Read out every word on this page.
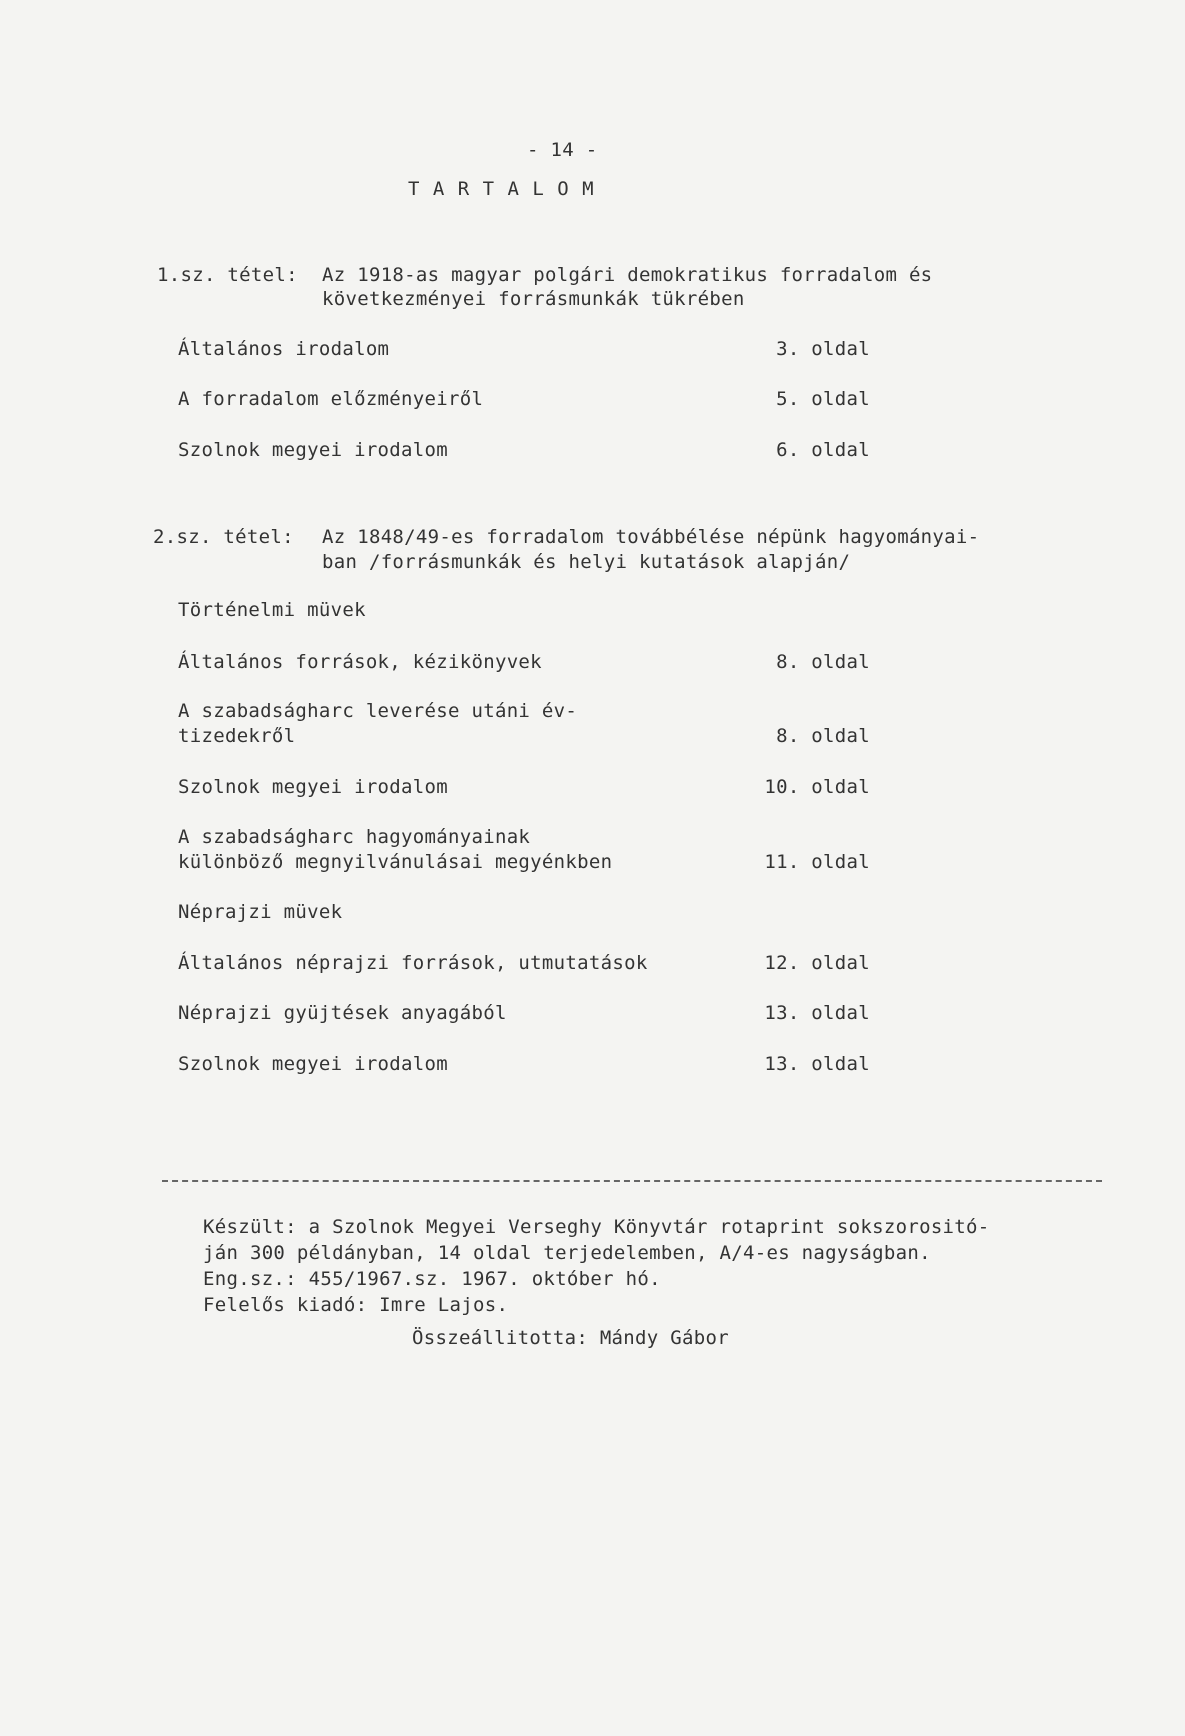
- 14 -
T A R T A L O M
1.sz. tétel: Az 1918-as magyar polgári demokratikus forradalom és
következményei forrásmunkák tükrében
Általános irodalom	3. oldal
A forradalom előzményeiről	5. oldal
Szolnok megyei irodalom	6. oldal
2.sz. tétel: Az 1848/49-es forradalom továbbélése népünk hagyományai-
ban /forrásmunkák és helyi kutatások alapján/
Történelmi müvek
Általános források, kézikönyvek	8. oldal
A szabadságharc leverése utáni év-
tizedekről	8. oldal
Szolnok megyei irodalom	10. oldal
A szabadságharc hagyományainak
különböző megnyilvánulásai megyénkben	11. oldal
Néprajzi müvek
Általános néprajzi források, utmutatások	12. oldal
Néprajzi gyüjtések anyagából	13. oldal
Szolnok megyei irodalom	13. oldal
Készült: a Szolnok Megyei Verseghy Könyvtár rotaprint sokszorositó-
ján 300 példányban, 14 oldal terjedelemben, A/4-es nagyságban.
Eng.sz.: 455/1967.sz. 1967. október hó.
Felelős kiadó: Imre Lajos.
Összeállitotta: Mándy Gábor
